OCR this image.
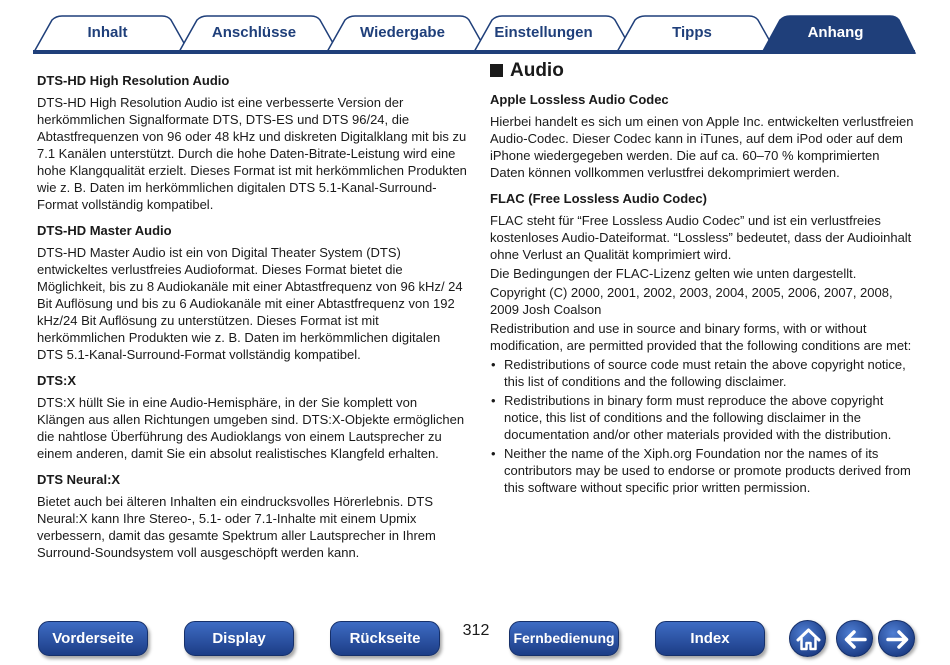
Inhalt	Anschlüsse	Wiedergabe	Einstellungen	Tipps	Anhang
DTS-HD High Resolution Audio

DTS-HD High Resolution Audio ist eine verbesserte Version der herkömmlichen Signalformate DTS, DTS-ES und DTS 96/24, die Abtastfrequenzen von 96 oder 48 kHz und diskreten Digitalklang mit bis zu 7.1 Kanälen unterstützt. Durch die hohe Daten-Bitrate-Leistung wird eine hohe Klangqualität erzielt. Dieses Format ist mit herkömmlichen Produkten wie z. B. Daten im herkömmlichen digitalen DTS 5.1-Kanal-Surround-Format vollständig kompatibel.

DTS-HD Master Audio

DTS-HD Master Audio ist ein von Digital Theater System (DTS) entwickeltes verlustfreies Audioformat. Dieses Format bietet die Möglichkeit, bis zu 8 Audiokanäle mit einer Abtastfrequenz von 96 kHz/ 24 Bit Auflösung und bis zu 6 Audiokanäle mit einer Abtastfrequenz von 192 kHz/24 Bit Auflösung zu unterstützen. Dieses Format ist mit herkömmlichen Produkten wie z. B. Daten im herkömmlichen digitalen DTS 5.1-Kanal-Surround-Format vollständig kompatibel.

DTS:X

DTS:X hüllt Sie in eine Audio-Hemisphäre, in der Sie komplett von Klängen aus allen Richtungen umgeben sind. DTS:X-Objekte ermöglichen die nahtlose Überführung des Audioklangs von einem Lautsprecher zu einem anderen, damit Sie ein absolut realistisches Klangfeld erhalten.

DTS Neural:X

Bietet auch bei älteren Inhalten ein eindrucksvolles Hörerlebnis. DTS Neural:X kann Ihre Stereo-, 5.1- oder 7.1-Inhalte mit einem Upmix verbessern, damit das gesamte Spektrum aller Lautsprecher in Ihrem Surround-Soundsystem voll ausgeschöpft werden kann.

Audio
Apple Lossless Audio Codec

Hierbei handelt es sich um einen von Apple Inc. entwickelten verlustfreien Audio-Codec. Dieser Codec kann in iTunes, auf dem iPod oder auf dem iPhone wiedergegeben werden. Die auf ca. 60–70 % komprimierten Daten können vollkommen verlustfrei dekomprimiert werden.

FLAC (Free Lossless Audio Codec)

FLAC steht für “Free Lossless Audio Codec” und ist ein verlustfreies kostenloses Audio-Dateiformat. “Lossless” bedeutet, dass der Audioinhalt ohne Verlust an Qualität komprimiert wird.

Die Bedingungen der FLAC-Lizenz gelten wie unten dargestellt.

Copyright (C) 2000, 2001, 2002, 2003, 2004, 2005, 2006, 2007, 2008, 2009 Josh Coalson

Redistribution and use in source and binary forms, with or without modification, are permitted provided that the following conditions are met:

• Redistributions of source code must retain the above copyright notice, this list of conditions and the following disclaimer.
• Redistributions in binary form must reproduce the above copyright notice, this list of conditions and the following disclaimer in the documentation and/or other materials provided with the distribution.
• Neither the name of the Xiph.org Foundation nor the names of its contributors may be used to endorse or promote products derived from this software without specific prior written permission.
Vorderseite	Display	Rückseite	312	Fernbedienung	Index
